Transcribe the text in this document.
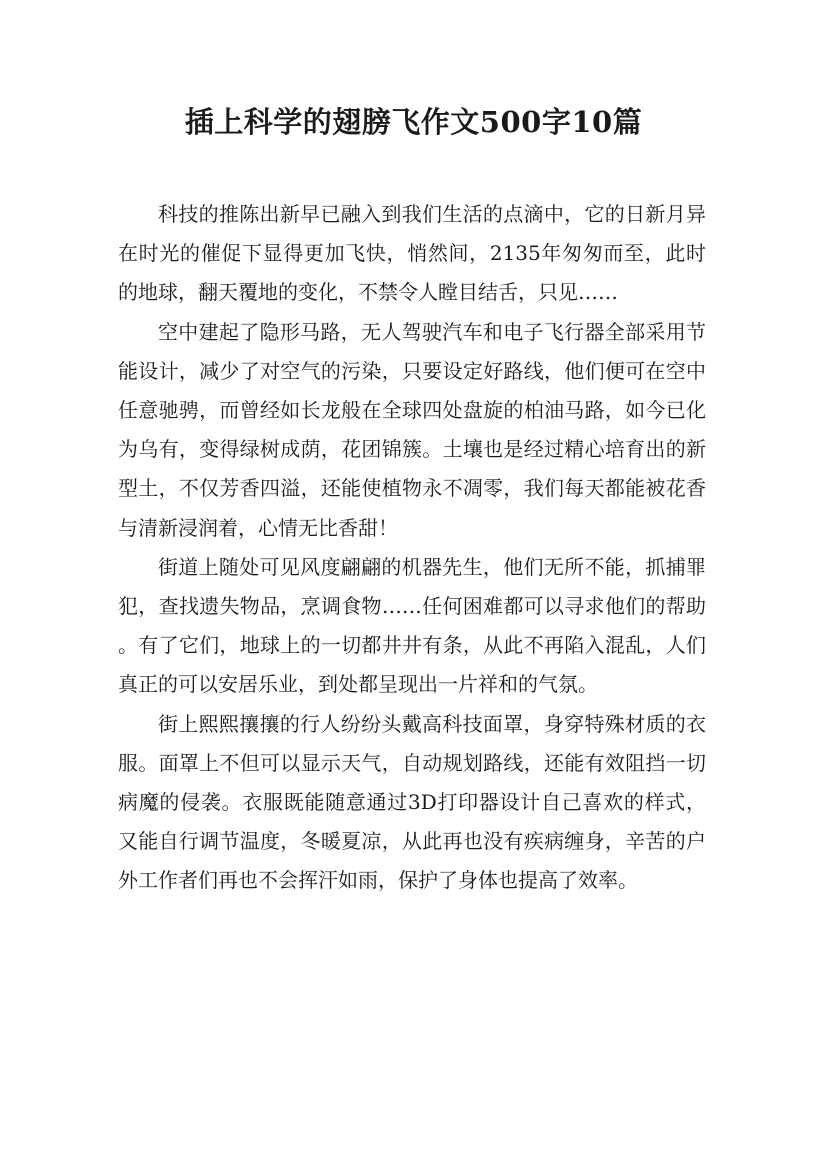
插上科学的翅膀飞作文500字10篇

科技的推陈出新早已融入到我们生活的点滴中，它的日新月异在时光的催促下显得更加飞快，悄然间，2135年匆匆而至，此时的地球，翻天覆地的变化，不禁令人瞠目结舌，只见……

空中建起了隐形马路，无人驾驶汽车和电子飞行器全部采用节能设计，减少了对空气的污染，只要设定好路线，他们便可在空中任意驰骋，而曾经如长龙般在全球四处盘旋的柏油马路，如今已化为乌有，变得绿树成荫，花团锦簇。土壤也是经过精心培育出的新型土，不仅芳香四溢，还能使植物永不凋零，我们每天都能被花香与清新浸润着，心情无比香甜！

街道上随处可见风度翩翩的机器先生，他们无所不能，抓捕罪犯，查找遗失物品，烹调食物……任何困难都可以寻求他们的帮助。有了它们，地球上的一切都井井有条，从此不再陷入混乱，人们真正的可以安居乐业，到处都呈现出一片祥和的气氛。

街上熙熙攘攘的行人纷纷头戴高科技面罩，身穿特殊材质的衣服。面罩上不但可以显示天气，自动规划路线，还能有效阻挡一切病魔的侵袭。衣服既能随意通过3D打印器设计自己喜欢的样式，又能自行调节温度，冬暖夏凉，从此再也没有疾病缠身，辛苦的户外工作者们再也不会挥汗如雨，保护了身体也提高了效率。
